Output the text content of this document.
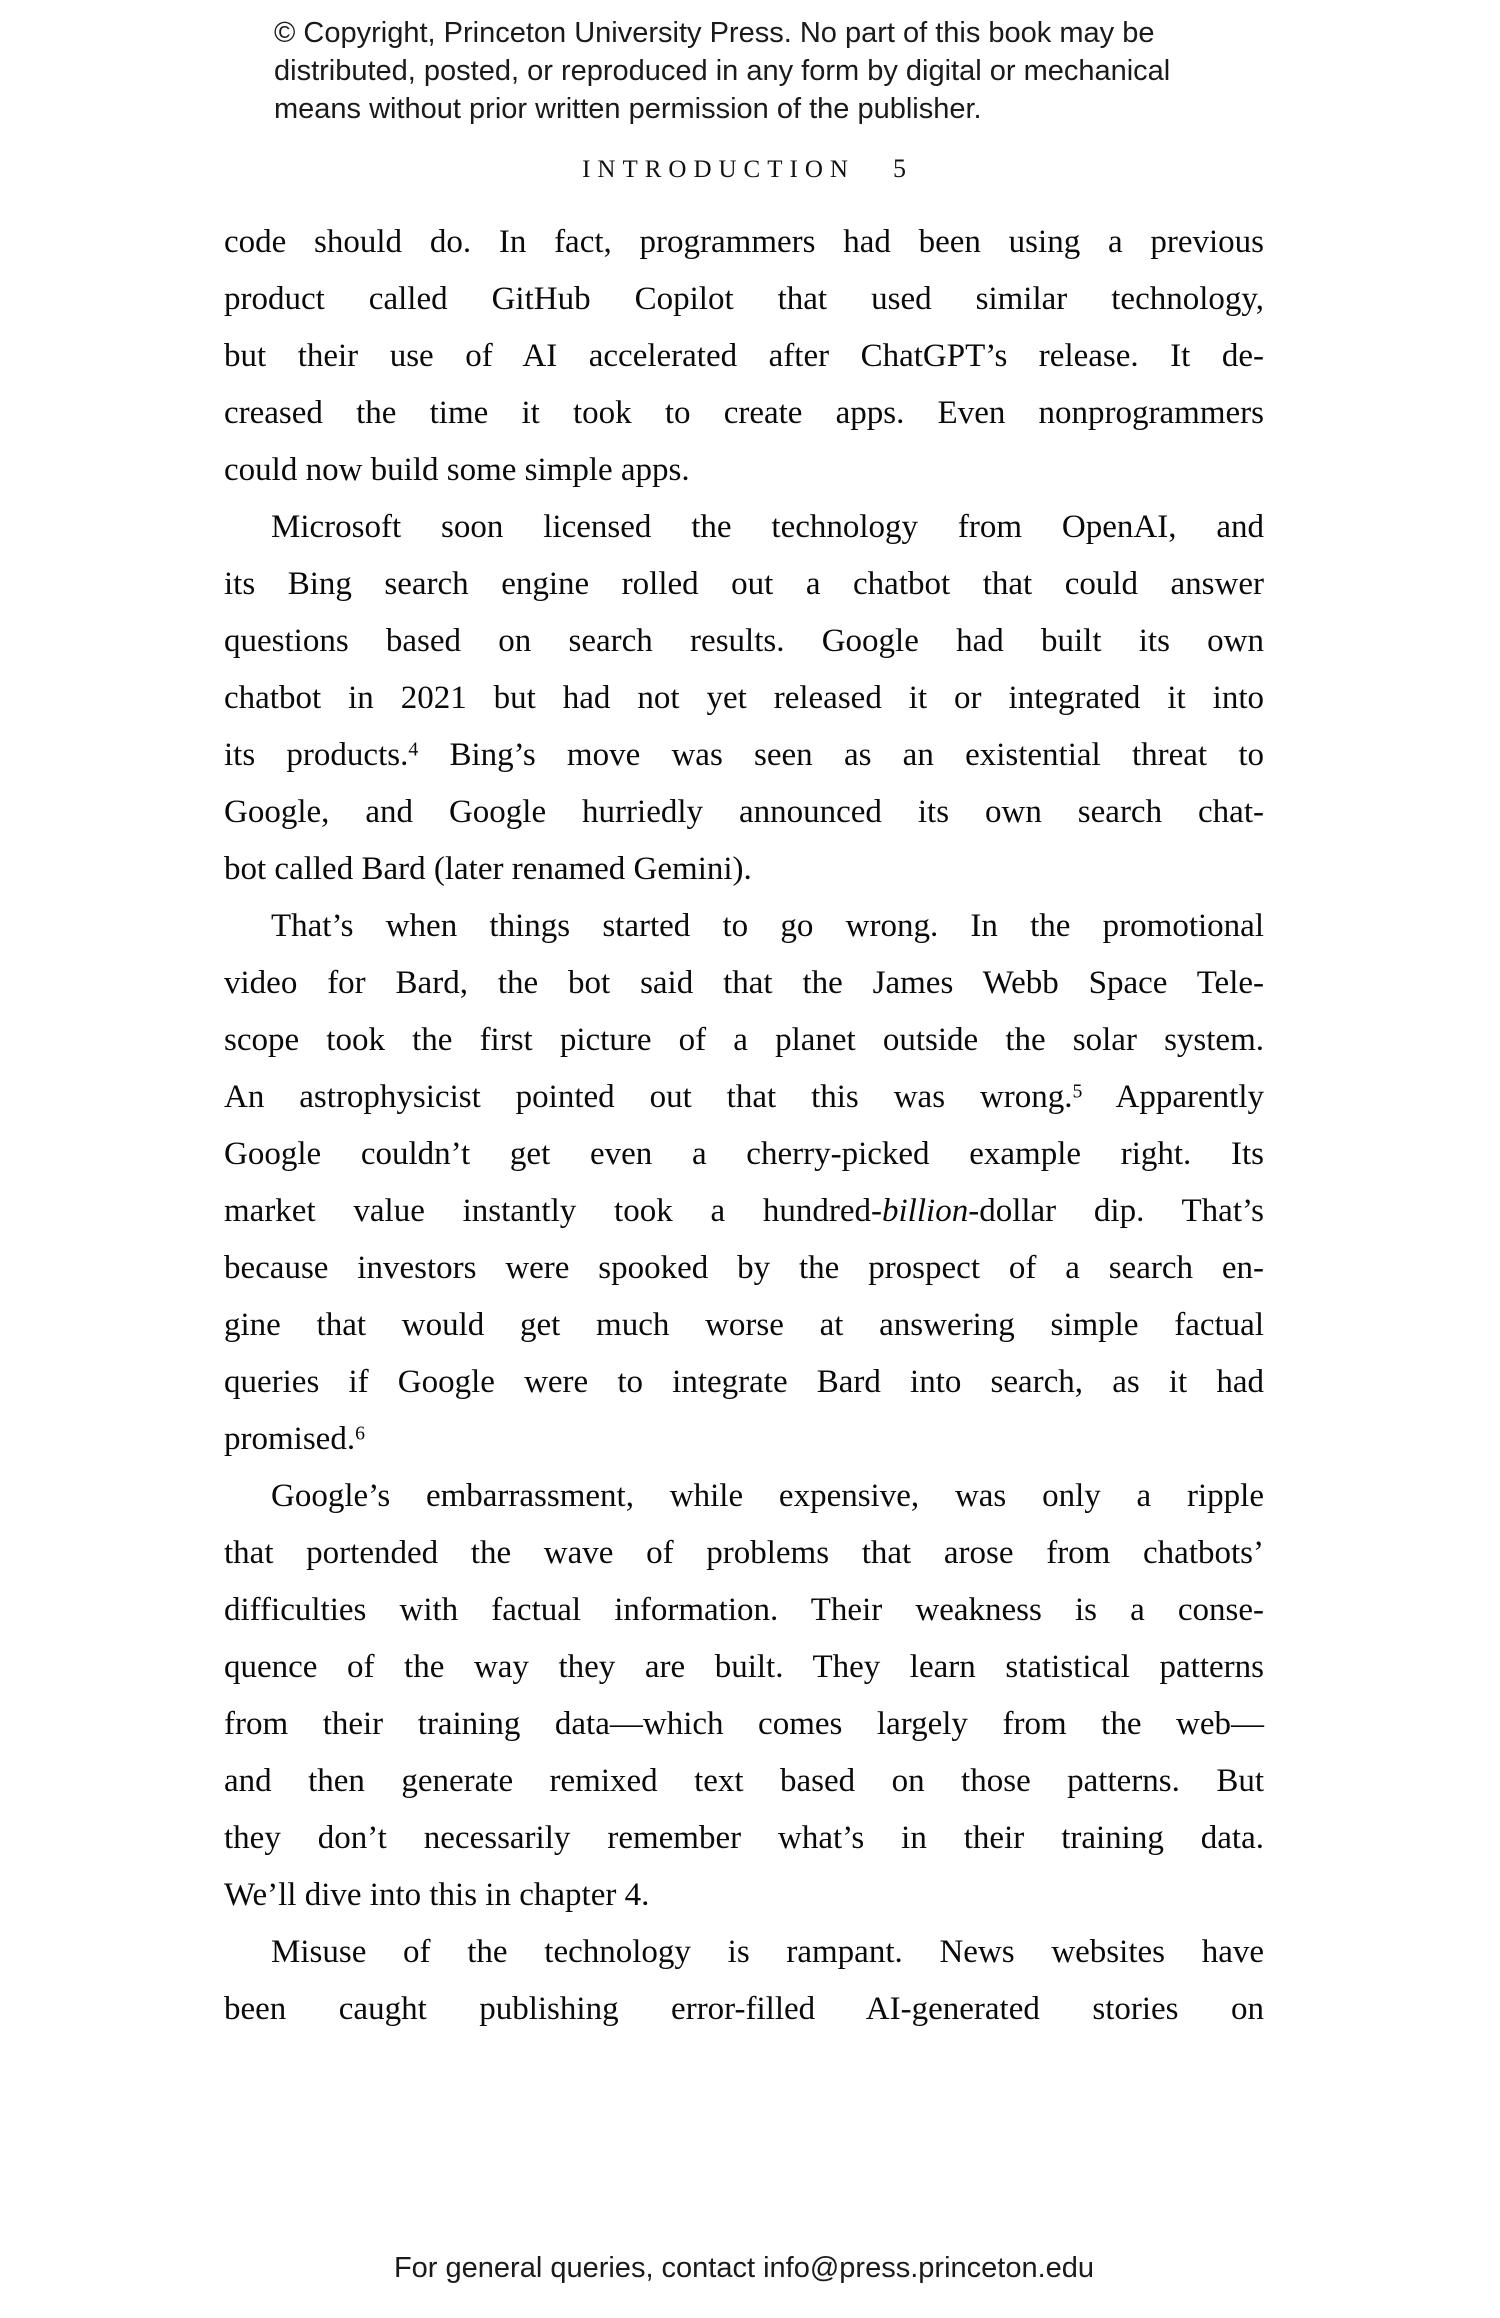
© Copyright, Princeton University Press. No part of this book may be
distributed, posted, or reproduced in any form by digital or mechanical
means without prior written permission of the publisher.
INTRODUCTION 5
code should do. In fact, programmers had been using a previous
product called GitHub Copilot that used similar technology,
but their use of AI accelerated after ChatGPT’s release. It de-
creased the time it took to create apps. Even nonprogrammers
could now build some simple apps.
Microsoft soon licensed the technology from OpenAI, and
its Bing search engine rolled out a chatbot that could answer
questions based on search results. Google had built its own
chatbot in 2021 but had not yet released it or integrated it into
its products.$^4$ Bing’s move was seen as an existential threat to
Google, and Google hurriedly announced its own search chat-
bot called Bard (later renamed Gemini).
That’s when things started to go wrong. In the promotional
video for Bard, the bot said that the James Webb Space Tele-
scope took the first picture of a planet outside the solar system.
An astrophysicist pointed out that this was wrong.$^5$ Apparently
Google couldn’t get even a cherry-picked example right. Its
market value instantly took a hundred-billion-dollar dip. That’s
because investors were spooked by the prospect of a search en-
gine that would get much worse at answering simple factual
queries if Google were to integrate Bard into search, as it had
promised.$^6$
Google’s embarrassment, while expensive, was only a ripple
that portended the wave of problems that arose from chatbots’
difficulties with factual information. Their weakness is a conse-
quence of the way they are built. They learn statistical patterns
from their training data—which comes largely from the web—
and then generate remixed text based on those patterns. But
they don’t necessarily remember what’s in their training data.
We’ll dive into this in chapter 4.
Misuse of the technology is rampant. News websites have
been caught publishing error-filled AI-generated stories on
For general queries, contact info@press.princeton.edu
